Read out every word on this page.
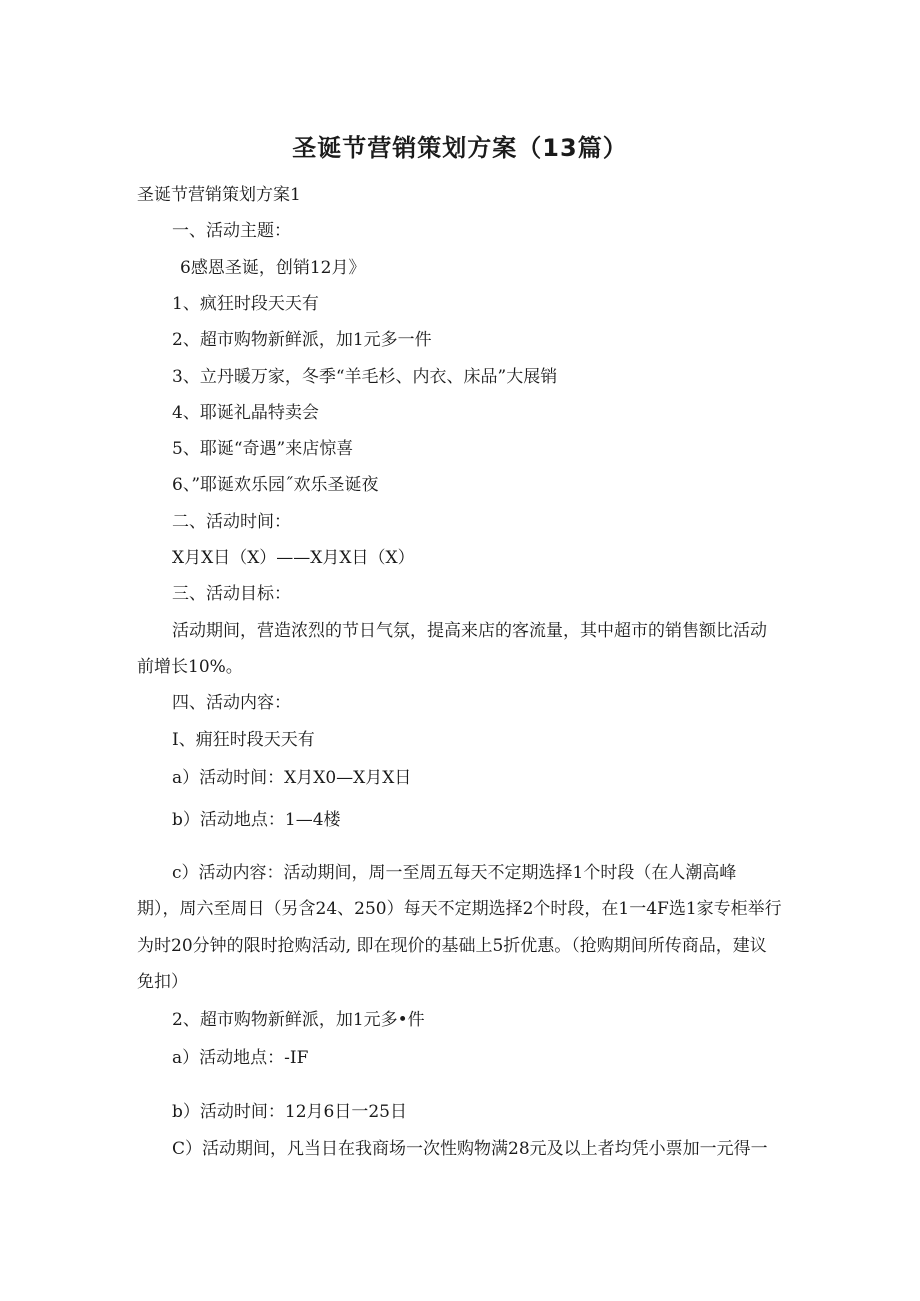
圣诞节营销策划方案（13篇）
圣诞节营销策划方案1
一、活动主题：
6感恩圣诞，创销12月》
1、疯狂时段天天有
2、超市购物新鲜派，加1元多一件
3、立丹暖万家，冬季“羊毛杉、内衣、床品”大展销
4、耶诞礼晶特卖会
5、耶诞“奇遇”来店惊喜
6、”耶诞欢乐园˝欢乐圣诞夜
二、活动时间：
X月X日（X）——X月X日（X）
三、活动目标：
活动期间，营造浓烈的节日气氛，提高来店的客流量，其中超市的销售额比活动
前增长10%。
四、活动内容：
I、痈狂时段天天有
a）活动时间：X月X0—X月X日
b）活动地点：1—4楼
c）活动内容：活动期间，周一至周五每天不定期选择1个时段（在人潮高峰
期），周六至周日（另含24、250）每天不定期选择2个时段，在1一4F选1家专柜举行
为时20分钟的限时抢购活动, 即在现价的基础上5折优惠。（抢购期间所传商品，建议
免扣）
2、超市购物新鲜派，加1元多•件
a）活动地点：-IF
b）活动时间：12月6日一25日
C）活动期间，凡当日在我商场一次性购物满28元及以上者均凭小票加一元得一
